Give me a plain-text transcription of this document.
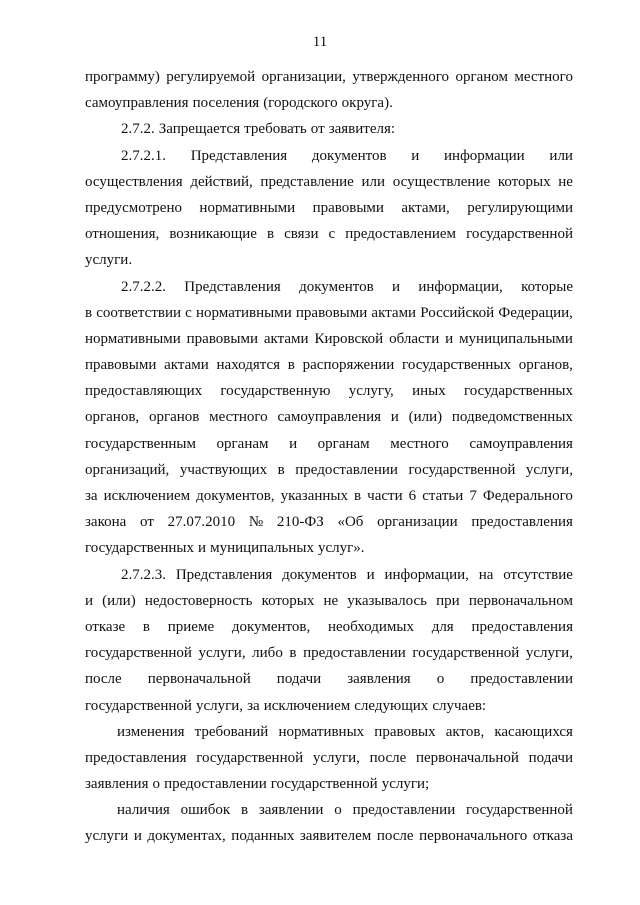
11
программу) регулируемой организации, утвержденного органом местного
самоуправления поселения (городского округа).
2.7.2. Запрещается требовать от заявителя:
2.7.2.1. Представления документов и информации или
осуществления действий, представление или осуществление которых не
предусмотрено нормативными правовыми актами, регулирующими
отношения, возникающие в связи с предоставлением государственной
услуги.
2.7.2.2. Представления документов и информации, которые
в соответствии с нормативными правовыми актами Российской Федерации,
нормативными правовыми актами Кировской области и муниципальными
правовыми актами находятся в распоряжении государственных органов,
предоставляющих государственную услугу, иных государственных
органов, органов местного самоуправления и (или) подведомственных
государственным органам и органам местного самоуправления
организаций, участвующих в предоставлении государственной услуги,
за исключением документов, указанных в части 6 статьи 7 Федерального
закона от 27.07.2010 № 210-ФЗ «Об организации предоставления
государственных и муниципальных услуг».
2.7.2.3. Представления документов и информации, на отсутствие
и (или) недостоверность которых не указывалось при первоначальном
отказе в приеме документов, необходимых для предоставления
государственной услуги, либо в предоставлении государственной услуги,
после первоначальной подачи заявления о предоставлении
государственной услуги, за исключением следующих случаев:
изменения требований нормативных правовых актов, касающихся
предоставления государственной услуги, после первоначальной подачи
заявления о предоставлении государственной услуги;
наличия ошибок в заявлении о предоставлении государственной
услуги и документах, поданных заявителем после первоначального отказа
